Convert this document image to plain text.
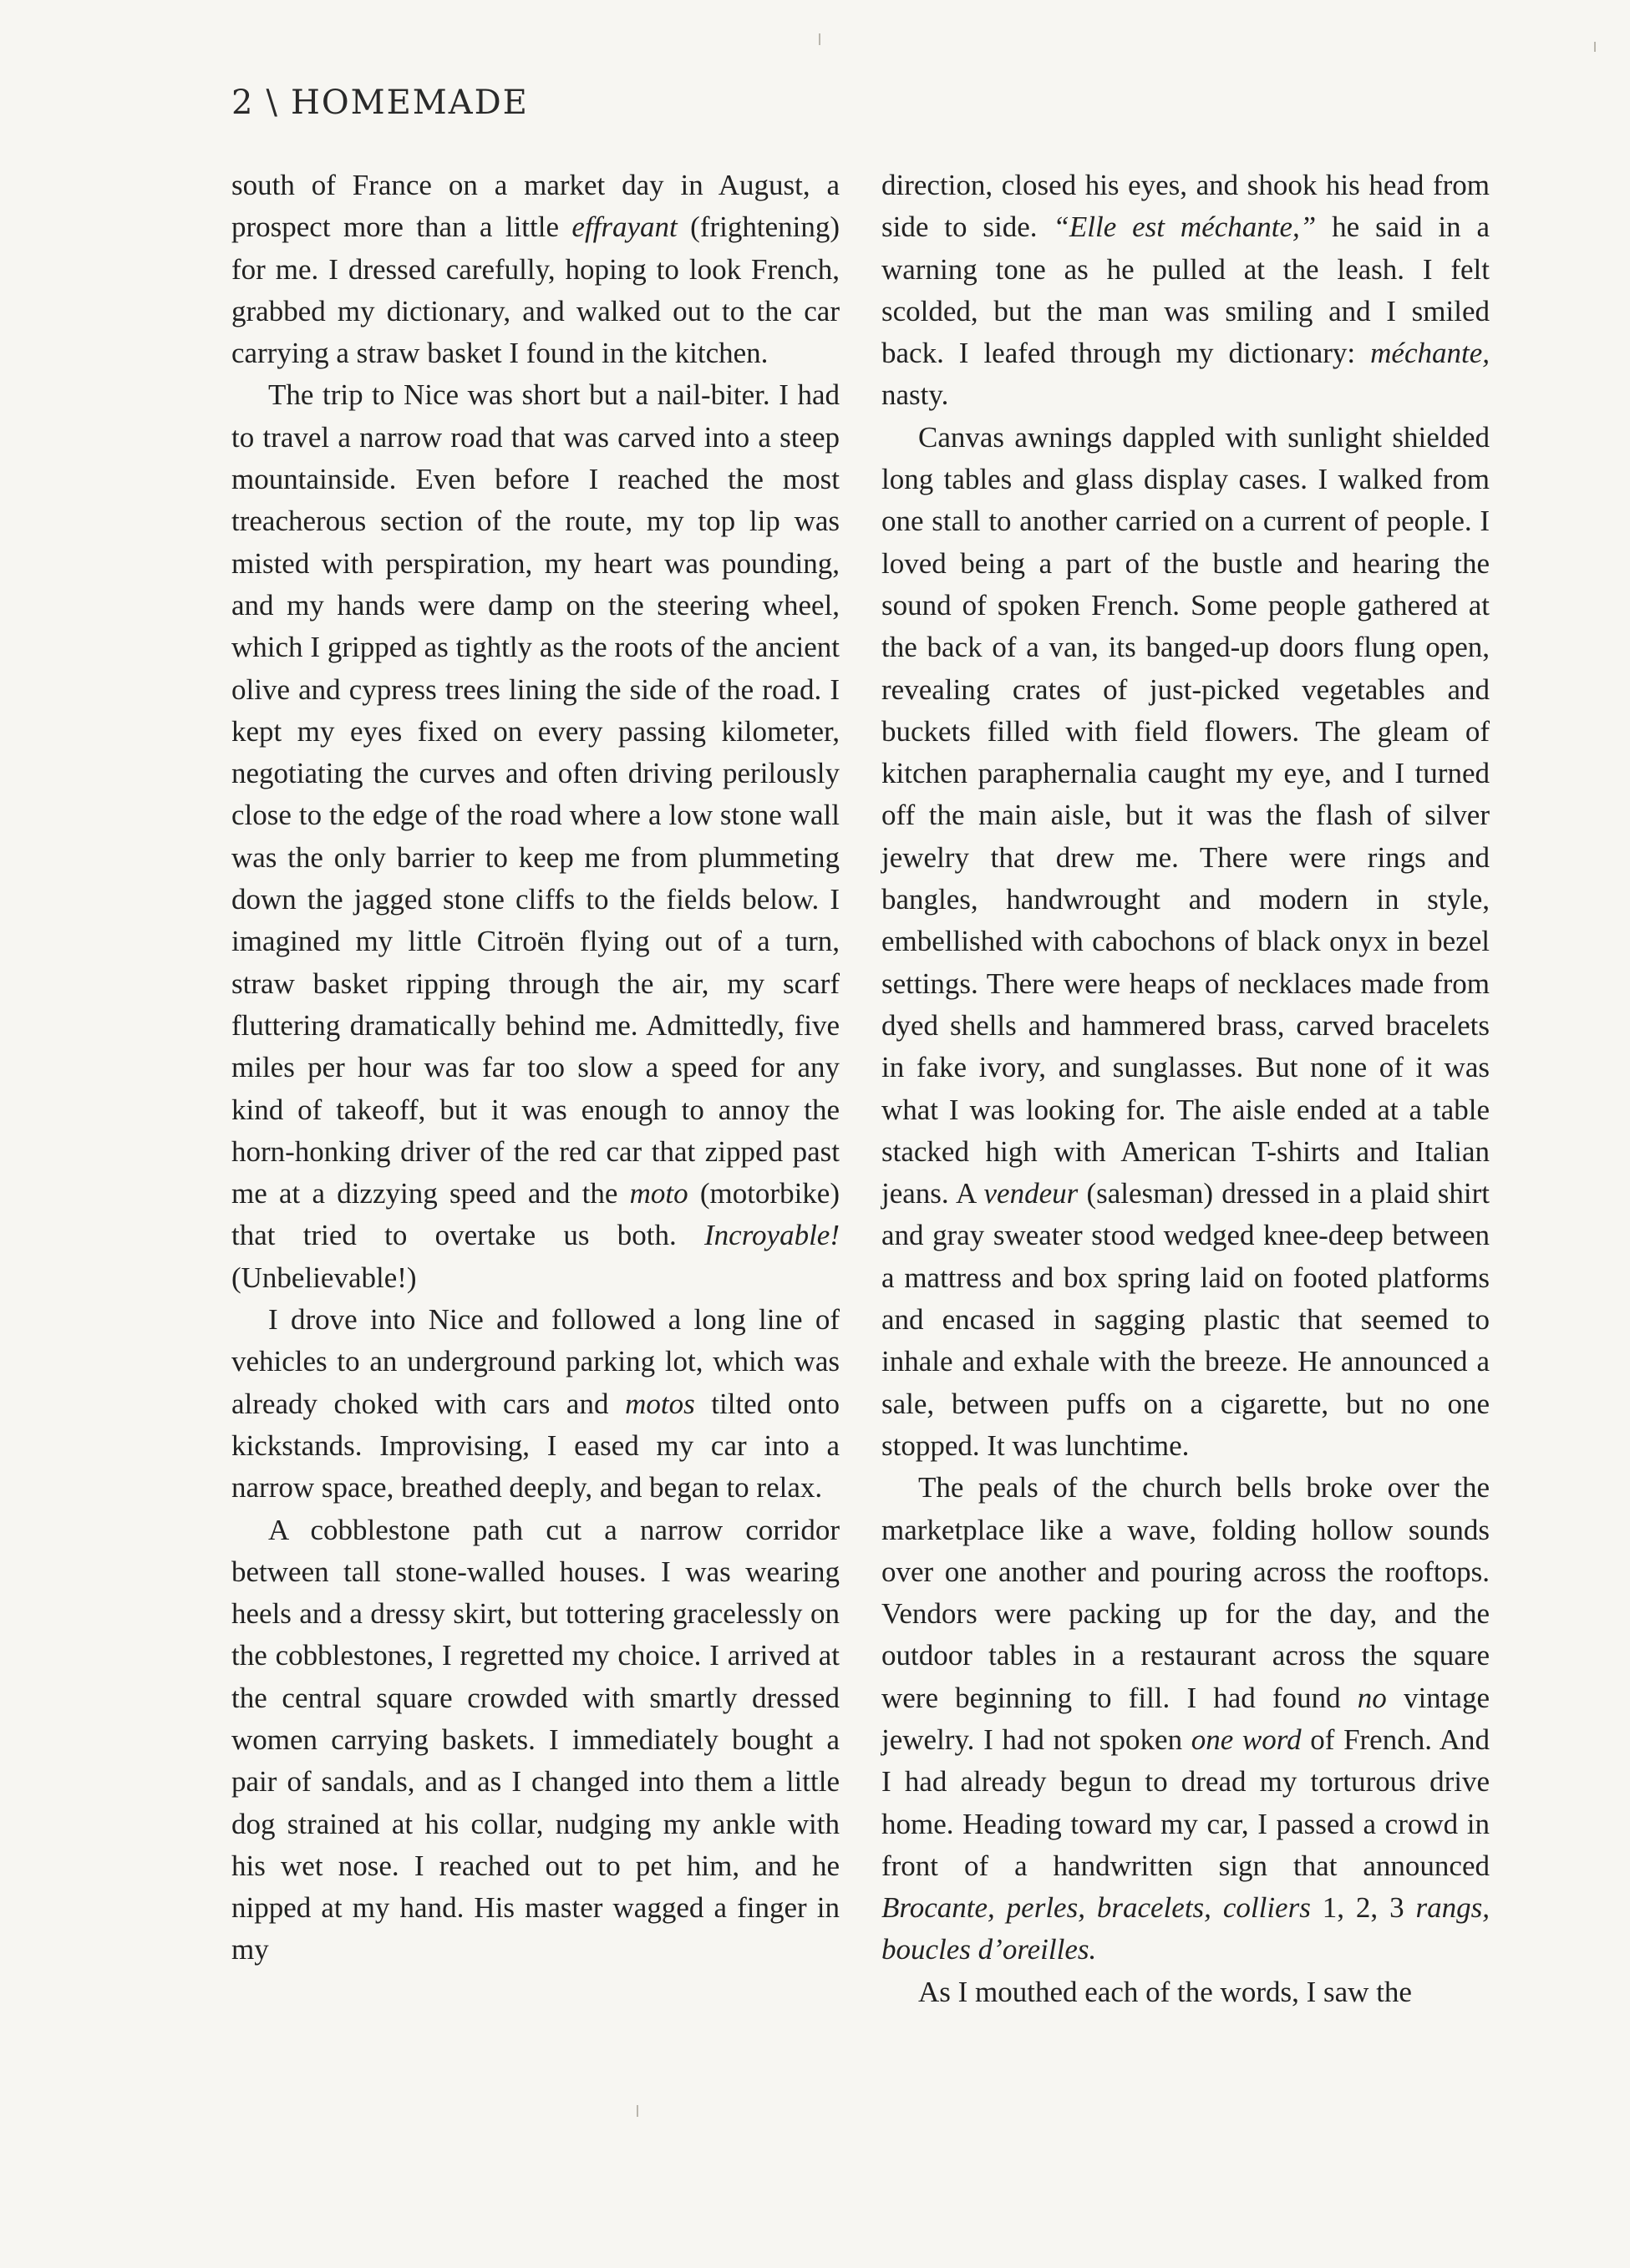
2 \ HOMEMADE

south of France on a market day in August, a prospect more than a little effrayant (frightening) for me. I dressed carefully, hoping to look French, grabbed my dictionary, and walked out to the car carrying a straw basket I found in the kitchen.

The trip to Nice was short but a nail-biter. I had to travel a narrow road that was carved into a steep mountainside. Even before I reached the most treacherous section of the route, my top lip was misted with perspiration, my heart was pounding, and my hands were damp on the steering wheel, which I gripped as tightly as the roots of the ancient olive and cypress trees lining the side of the road. I kept my eyes fixed on every passing kilometer, negotiating the curves and often driving perilously close to the edge of the road where a low stone wall was the only barrier to keep me from plummeting down the jagged stone cliffs to the fields below. I imagined my little Citroën flying out of a turn, straw basket ripping through the air, my scarf fluttering dramatically behind me. Admittedly, five miles per hour was far too slow a speed for any kind of takeoff, but it was enough to annoy the horn-honking driver of the red car that zipped past me at a dizzying speed and the moto (motorbike) that tried to overtake us both. Incroyable! (Unbelievable!)

I drove into Nice and followed a long line of vehicles to an underground parking lot, which was already choked with cars and motos tilted onto kickstands. Improvising, I eased my car into a narrow space, breathed deeply, and began to relax.

A cobblestone path cut a narrow corridor between tall stone-walled houses. I was wearing heels and a dressy skirt, but tottering gracelessly on the cobblestones, I regretted my choice. I arrived at the central square crowded with smartly dressed women carrying baskets. I immediately bought a pair of sandals, and as I changed into them a little dog strained at his collar, nudging my ankle with his wet nose. I reached out to pet him, and he nipped at my hand. His master wagged a finger in my

direction, closed his eyes, and shook his head from side to side. “Elle est méchante,” he said in a warning tone as he pulled at the leash. I felt scolded, but the man was smiling and I smiled back. I leafed through my dictionary: méchante, nasty.

Canvas awnings dappled with sunlight shielded long tables and glass display cases. I walked from one stall to another carried on a current of people. I loved being a part of the bustle and hearing the sound of spoken French. Some people gathered at the back of a van, its banged-up doors flung open, revealing crates of just-picked vegetables and buckets filled with field flowers. The gleam of kitchen paraphernalia caught my eye, and I turned off the main aisle, but it was the flash of silver jewelry that drew me. There were rings and bangles, handwrought and modern in style, embellished with cabochons of black onyx in bezel settings. There were heaps of necklaces made from dyed shells and hammered brass, carved bracelets in fake ivory, and sunglasses. But none of it was what I was looking for. The aisle ended at a table stacked high with American T-shirts and Italian jeans. A vendeur (salesman) dressed in a plaid shirt and gray sweater stood wedged knee-deep between a mattress and box spring laid on footed platforms and encased in sagging plastic that seemed to inhale and exhale with the breeze. He announced a sale, between puffs on a cigarette, but no one stopped. It was lunchtime.

The peals of the church bells broke over the marketplace like a wave, folding hollow sounds over one another and pouring across the rooftops. Vendors were packing up for the day, and the outdoor tables in a restaurant across the square were beginning to fill. I had found no vintage jewelry. I had not spoken one word of French. And I had already begun to dread my torturous drive home. Heading toward my car, I passed a crowd in front of a handwritten sign that announced Brocante, perles, bracelets, colliers 1, 2, 3 rangs, boucles d’oreilles.

As I mouthed each of the words, I saw the
